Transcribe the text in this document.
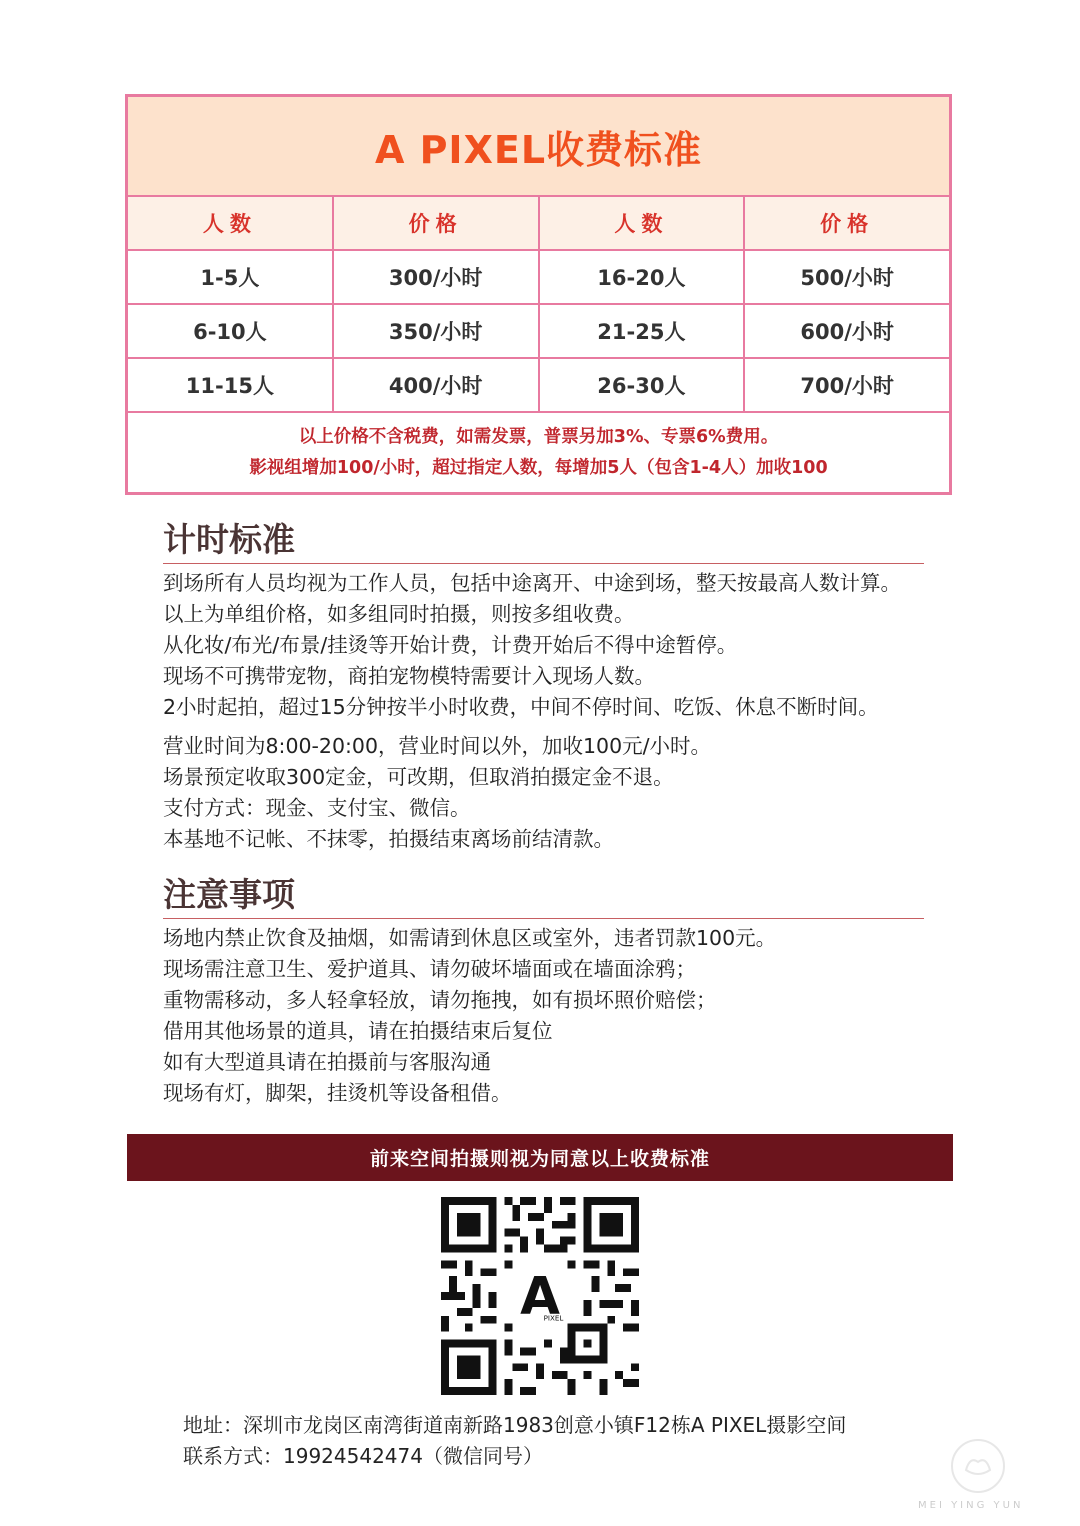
A PIXEL收费标准
人数	价格	人数	价格
1-5人	300/小时	16-20人	500/小时
6-10人	350/小时	21-25人	600/小时
11-15人	400/小时	26-30人	700/小时
以上价格不含税费，如需发票，普票另加3%、专票6%费用。
影视组增加100/小时，超过指定人数，每增加5人（包含1-4人）加收100
计时标准

到场所有人员均视为工作人员，包括中途离开、中途到场，整天按最高人数计算。

以上为单组价格，如多组同时拍摄，则按多组收费。

从化妆/布光/布景/挂烫等开始计费，计费开始后不得中途暂停。

现场不可携带宠物，商拍宠物模特需要计入现场人数。

2小时起拍，超过15分钟按半小时收费，中间不停时间、吃饭、休息不断时间。

营业时间为8:00-20:00，营业时间以外，加收100元/小时。

场景预定收取300定金，可改期，但取消拍摄定金不退。

支付方式：现金、支付宝、微信。

本基地不记帐、不抹零，拍摄结束离场前结清款。

注意事项

场地内禁止饮食及抽烟，如需请到休息区或室外，违者罚款100元。

现场需注意卫生、爱护道具、请勿破坏墙面或在墙面涂鸦；

重物需移动，多人轻拿轻放，请勿拖拽，如有损坏照价赔偿；

借用其他场景的道具，请在拍摄结束后复位

如有大型道具请在拍摄前与客服沟通

现场有灯，脚架，挂烫机等设备租借。

前来空间拍摄则视为同意以上收费标准
A

地址：深圳市龙岗区南湾街道南新路1983创意小镇F12栋A PIXEL摄影空间

联系方式：19924542474（微信同号）

MEI YING YUN
